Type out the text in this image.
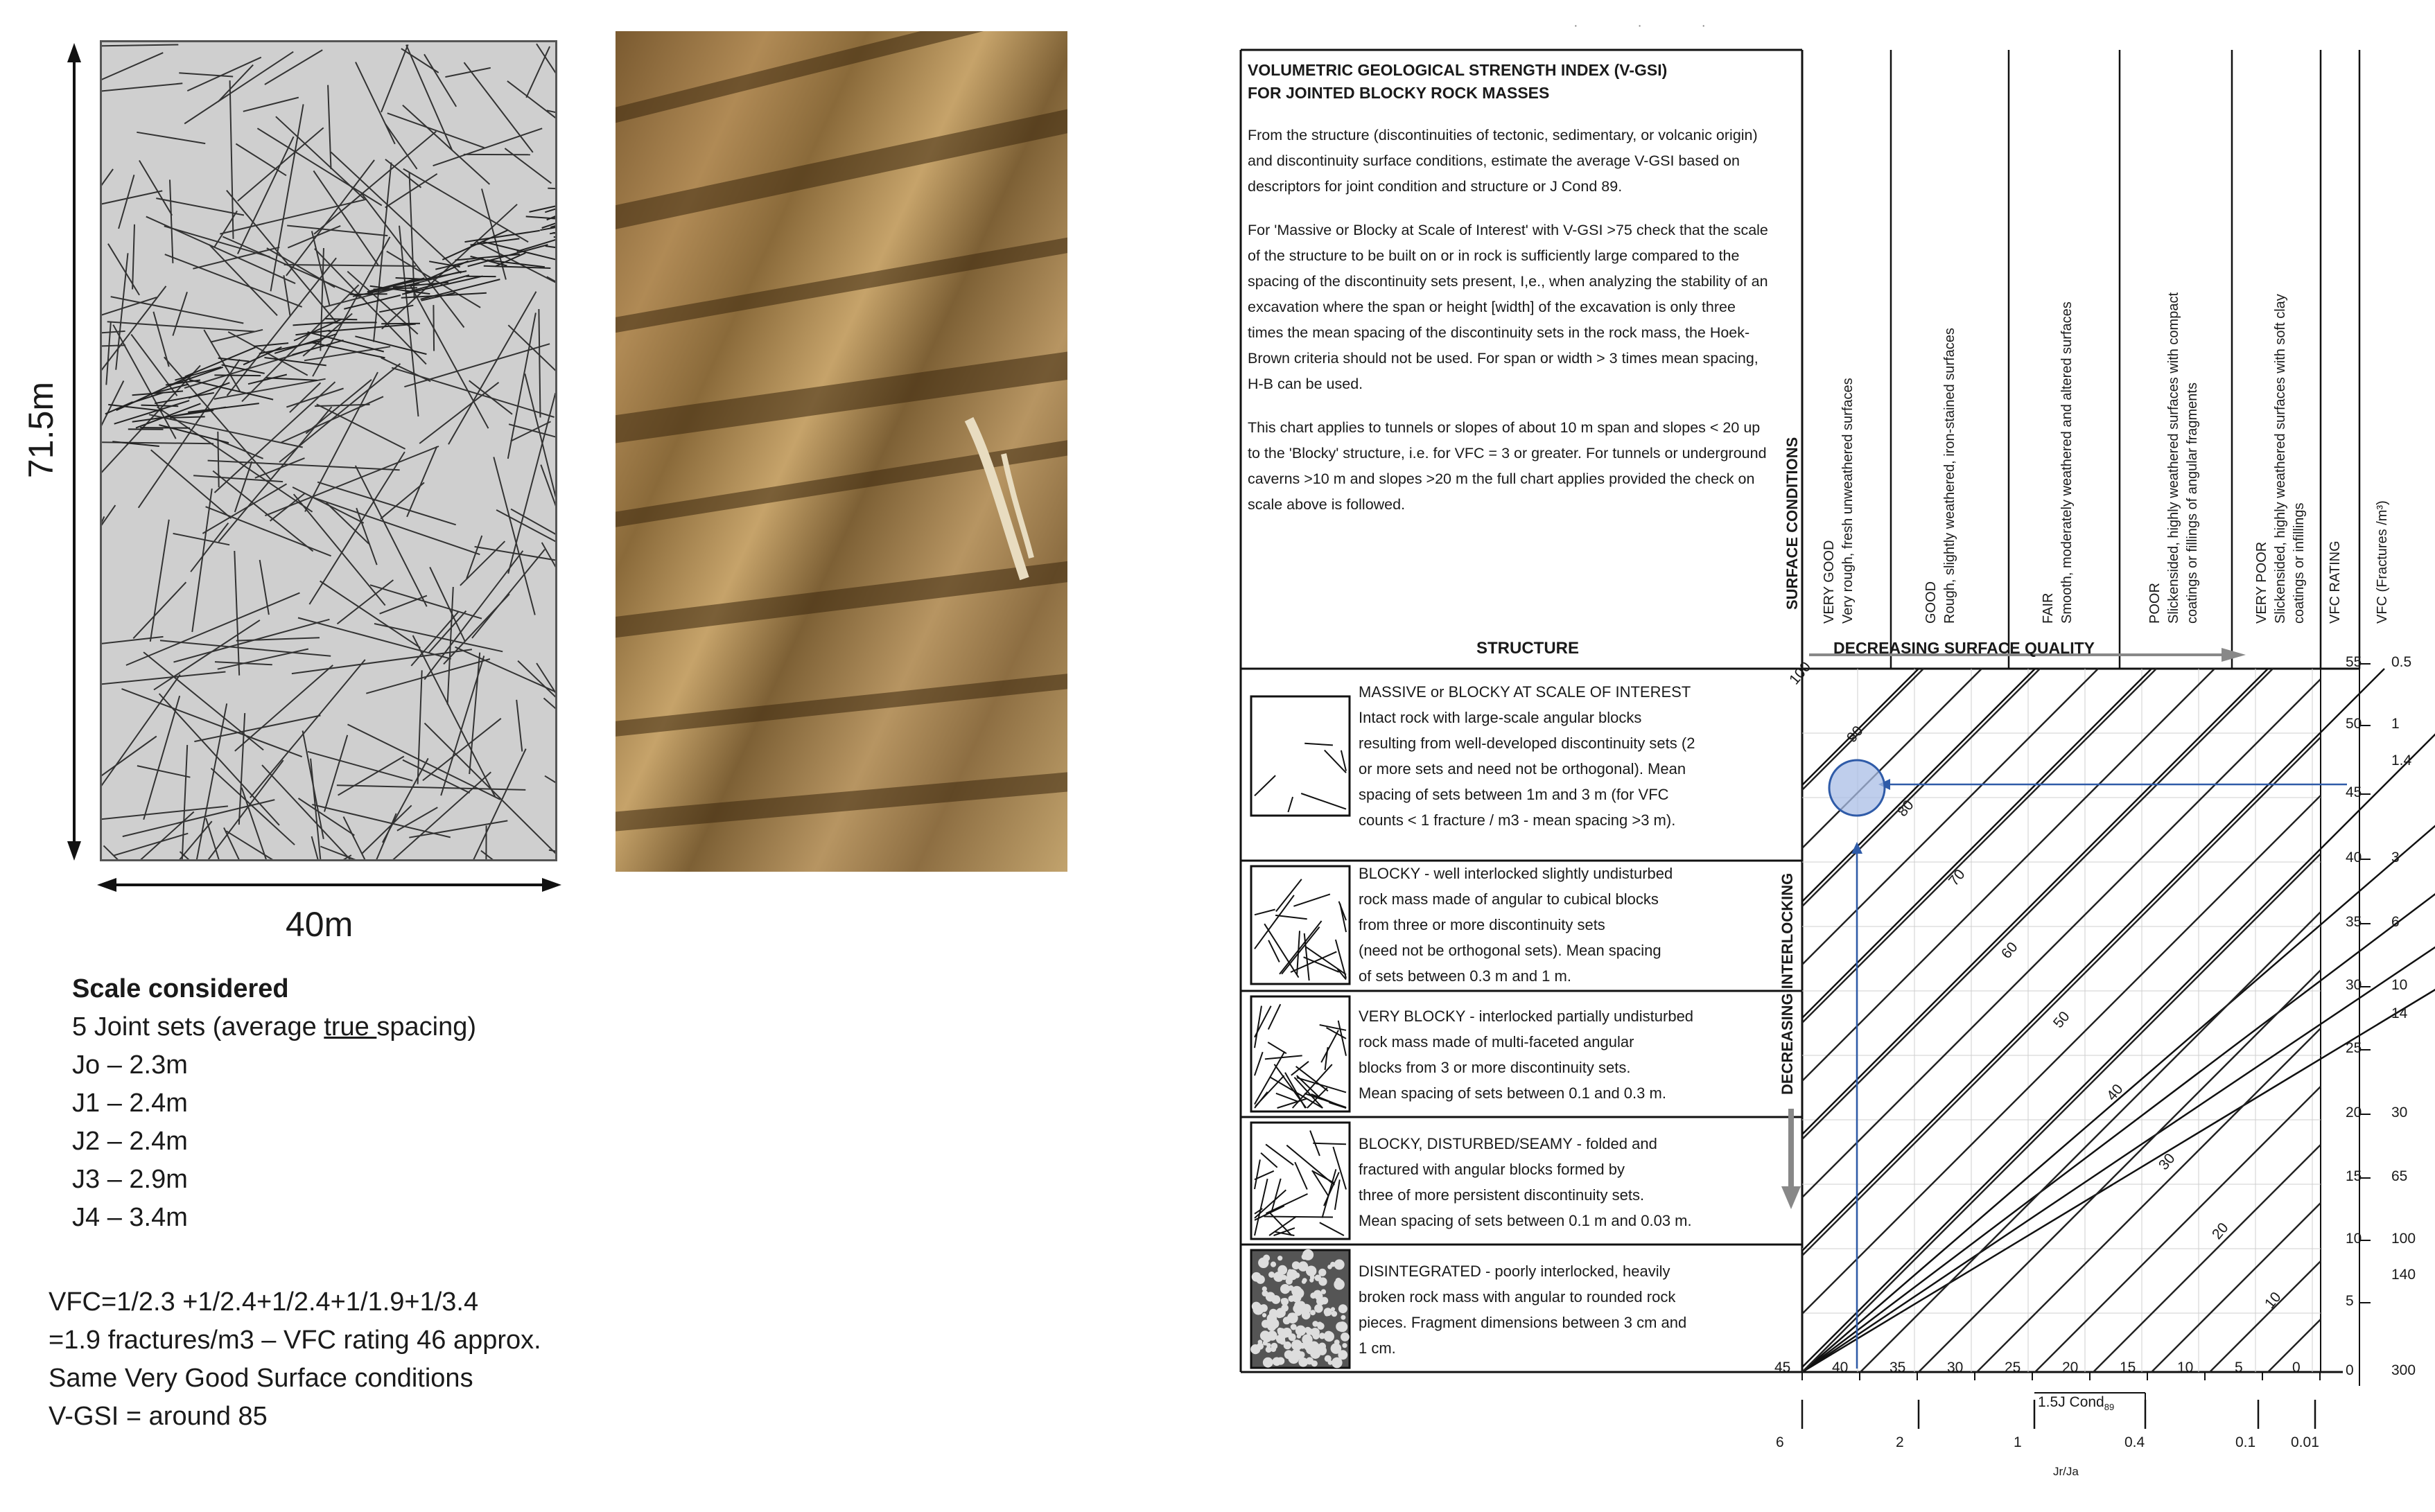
71.5m
40m
Scale considered
5 Joint sets (average true spacing)
Jo – 2.3m
J1 – 2.4m
J2 – 2.4m
J3 – 2.9m
J4 – 3.4m
VFC=1/2.3 +1/2.4+1/2.4+1/1.9+1/3.4
=1.9 fractures/m3 – VFC rating 46 approx.
Same Very Good Surface conditions
V-GSI = around 85
· · ·
VOLUMETRIC GEOLOGICAL STRENGTH INDEX (V-GSI)
FOR JOINTED BLOCKY ROCK MASSES
From the structure (discontinuities of tectonic, sedimentary, or volcanic origin) and discontinuity surface conditions, estimate the average V-GSI based on descriptors for joint condition and structure or J Cond 89.
For 'Massive or Blocky at Scale of Interest' with V-GSI >75 check that the scale of the structure to be built on or in rock is sufficiently large compared to the spacing of the discontinuity sets present, I,e., when analyzing the stability of an excavation where the span or height [width] of the excavation is only three times the mean spacing of the discontinuity sets in the rock mass, the Hoek-Brown criteria should not be used. For span or width > 3 times mean spacing, H-B can be used.
This chart applies to tunnels or slopes of about 10 m span and slopes < 20 up to the 'Blocky' structure, i.e. for VFC = 3 or greater. For tunnels or underground caverns >10 m and slopes >20 m the full chart applies provided the check on scale above is followed.
STRUCTURE
SURFACE CONDITIONS
DECREASING INTERLOCKING
DECREASING SURFACE QUALITY
VERY GOOD Very rough, fresh unweathered surfaces	GOOD Rough, slightly weathered, iron-stained surfaces	FAIR Smooth, moderately weathered and altered surfaces	POOR Slickensided, highly weathered surfaces with compact coatings or fillings of angular fragments	VERY POOR Slickensided, highly weathered surfaces with soft clay coatings or infillings VFC RATING VFC (Fractures /m³)
MASSIVE or BLOCKY AT SCALE OF INTEREST
Intact rock with large-scale angular blocks
resulting from well-developed discontinuity sets (2
or more sets and need not be orthogonal). Mean
spacing of sets between 1m and 3 m (for VFC
counts < 1 fracture / m3 - mean spacing >3 m).
BLOCKY - well interlocked slightly undisturbed
rock mass made of angular to cubical blocks
from three or more discontinuity sets
(need not be orthogonal sets). Mean spacing
of sets between 0.3 m and 1 m.
VERY BLOCKY - interlocked partially undisturbed
rock mass made of multi-faceted angular
blocks from 3 or more discontinuity sets.
Mean spacing of sets between 0.1 and 0.3 m.
BLOCKY, DISTURBED/SEAMY - folded and
fractured with angular blocks formed by
three of more persistent discontinuity sets.
Mean spacing of sets between 0.1 m and 0.03 m.
DISINTEGRATED - poorly interlocked, heavily
broken rock mass with angular to rounded rock
pieces. Fragment dimensions between 3 cm and
1 cm.
100
90
80
70
60
50
40
30
20
10
1.5J Cond$_{89}$
Jr/Ja
55
50
45
40
35
30
25
20
15
10
5
0
0.5
1
1.4
3
6
10
14
30
65
100
140
300
45	40	35	30	25	20	15	10	5	0
6	2	1	0.4	0.1 0.01
